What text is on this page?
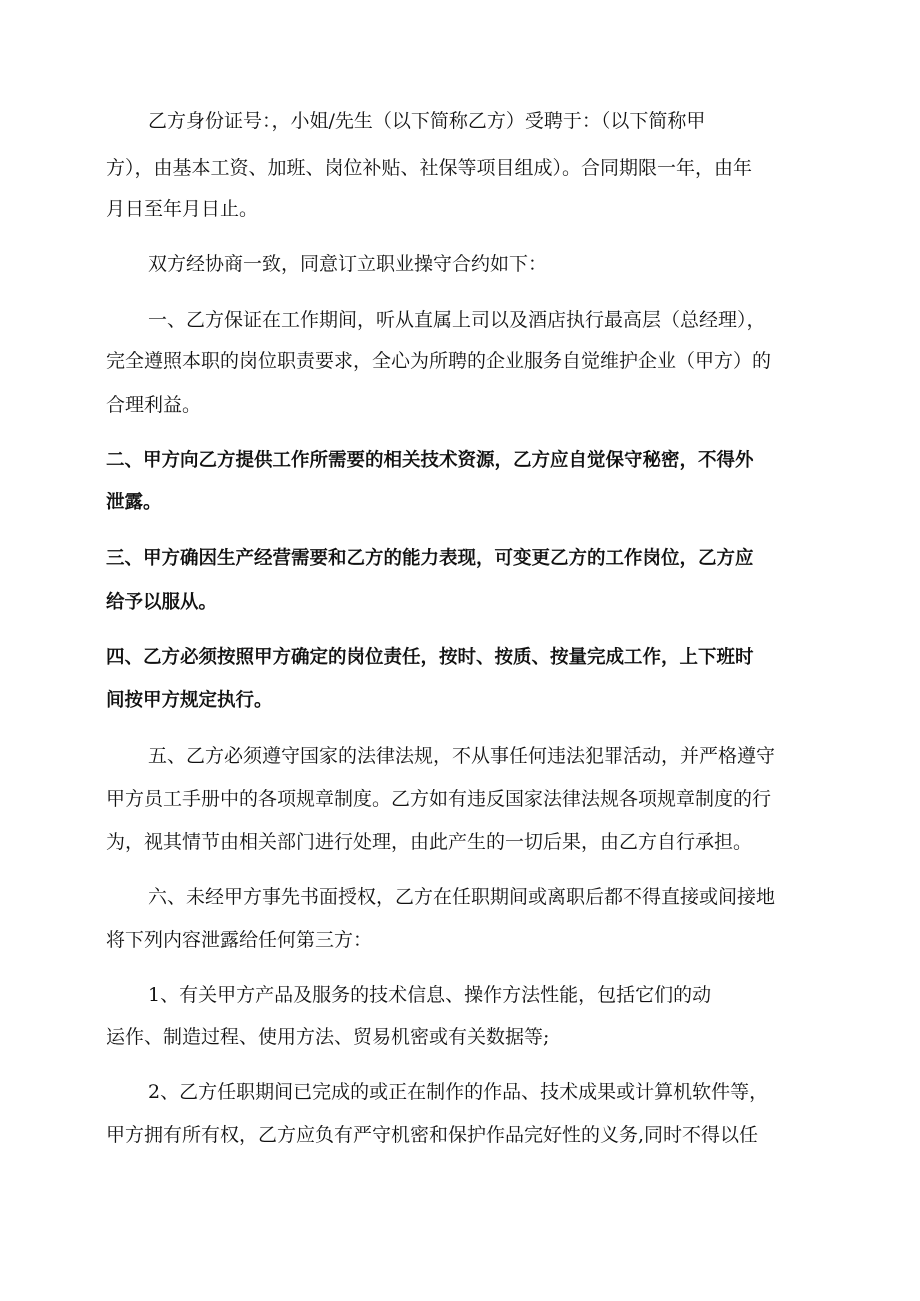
乙方身份证号：，小姐/先生（以下简称乙方）受聘于：（以下简称甲
方），由基本工资、加班、岗位补贴、社保等项目组成）。合同期限一年，由年
月日至年月日止。
双方经协商一致，同意订立职业操守合约如下：
一、乙方保证在工作期间，听从直属上司以及酒店执行最高层（总经理），
完全遵照本职的岗位职责要求，全心为所聘的企业服务自觉维护企业（甲方）的
合理利益。
二、甲方向乙方提供工作所需要的相关技术资源，乙方应自觉保守秘密，不得外
泄露。
三、甲方确因生产经营需要和乙方的能力表现，可变更乙方的工作岗位，乙方应
给予以服从。
四、乙方必须按照甲方确定的岗位责任，按时、按质、按量完成工作，上下班时
间按甲方规定执行。
五、乙方必须遵守国家的法律法规，不从事任何违法犯罪活动，并严格遵守
甲方员工手册中的各项规章制度。乙方如有违反国家法律法规各项规章制度的行
为，视其情节由相关部门进行处理，由此产生的一切后果，由乙方自行承担。
六、未经甲方事先书面授权，乙方在任职期间或离职后都不得直接或间接地
将下列内容泄露给任何第三方：
1、有关甲方产品及服务的技术信息、操作方法性能，包括它们的动
运作、制造过程、使用方法、贸易机密或有关数据等;
2、乙方任职期间已完成的或正在制作的作品、技术成果或计算机软件等，
甲方拥有所有权，乙方应负有严守机密和保护作品完好性的义务,同时不得以任
